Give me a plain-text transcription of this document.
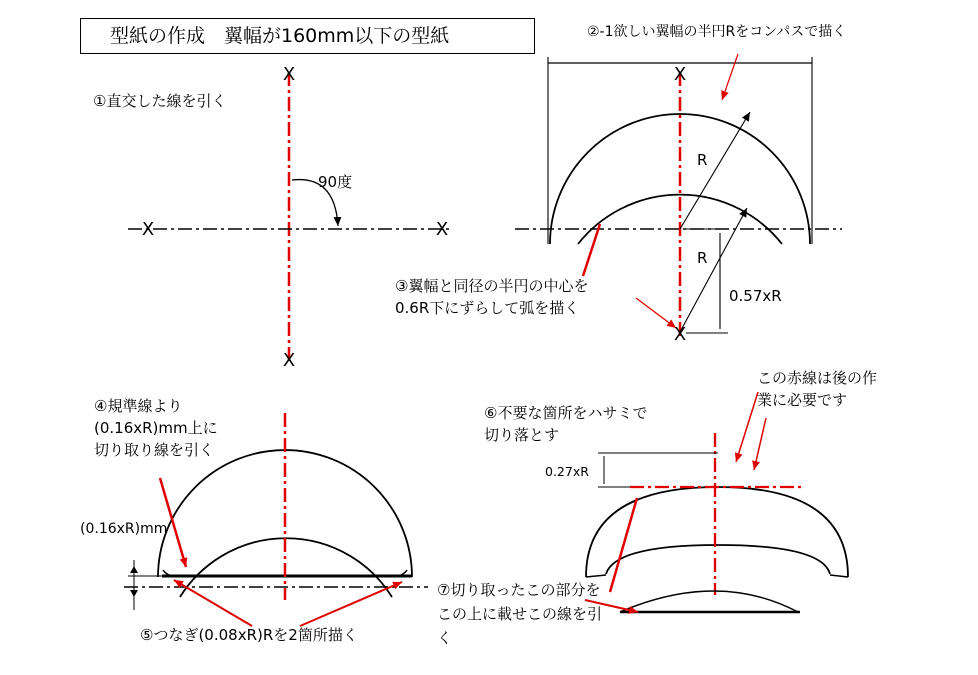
型紙の作成　翼幅が160mm以下の型紙
X
X
X	X
X
X
①直交した線を引く
90度
②-1欲しい翼幅の半円Rをコンパスで描く
R
R
0.57xR
③翼幅と同径の半円の中心を
0.6R下にずらして弧を描く
④規準線より
(0.16xR)mm上に
切り取り線を引く
(0.16xR)mm
⑤つなぎ(0.08xR)Rを2箇所描く
⑥不要な箇所をハサミで
切り落とす
0.27xR
この赤線は後の作
業に必要です
⑦切り取ったこの部分を
この上に載せこの線を引
く
